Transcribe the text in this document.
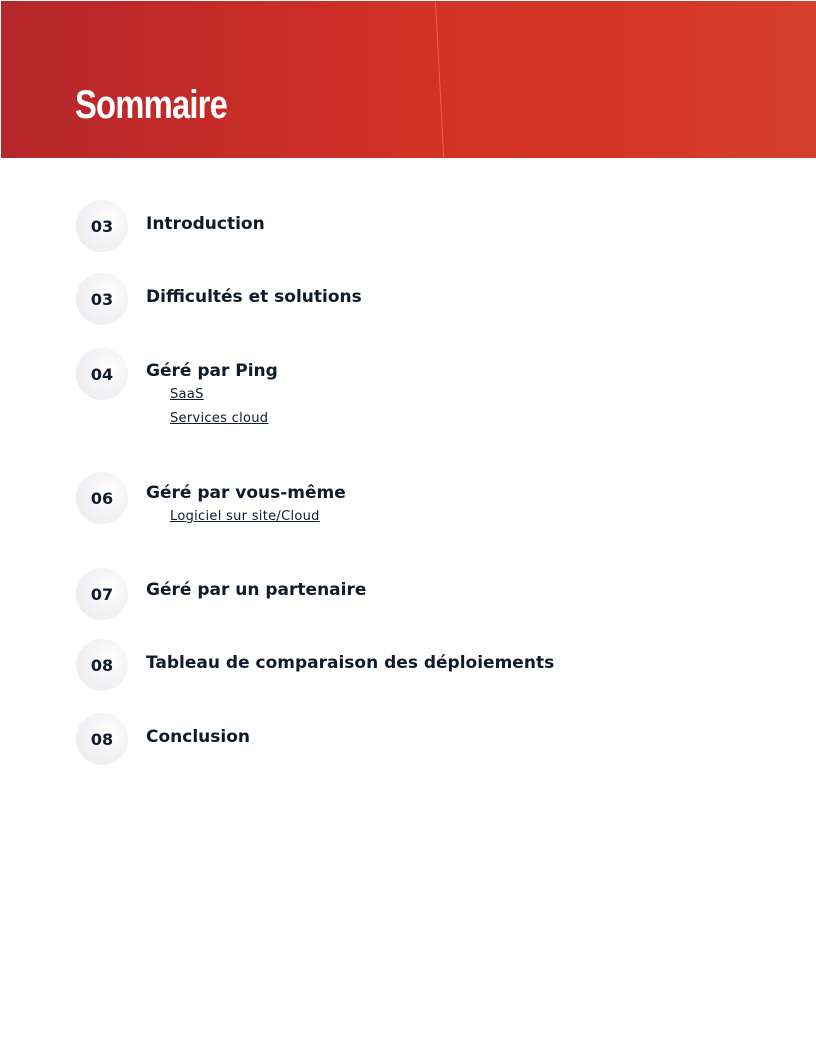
Sommaire
03	Introduction
03	Difficultés et solutions
04	Géré par Ping
SaaS
Services cloud
06	Géré par vous-même
Logiciel sur site/Cloud
07	Géré par un partenaire
08	Tableau de comparaison des déploiements
08	Conclusion
